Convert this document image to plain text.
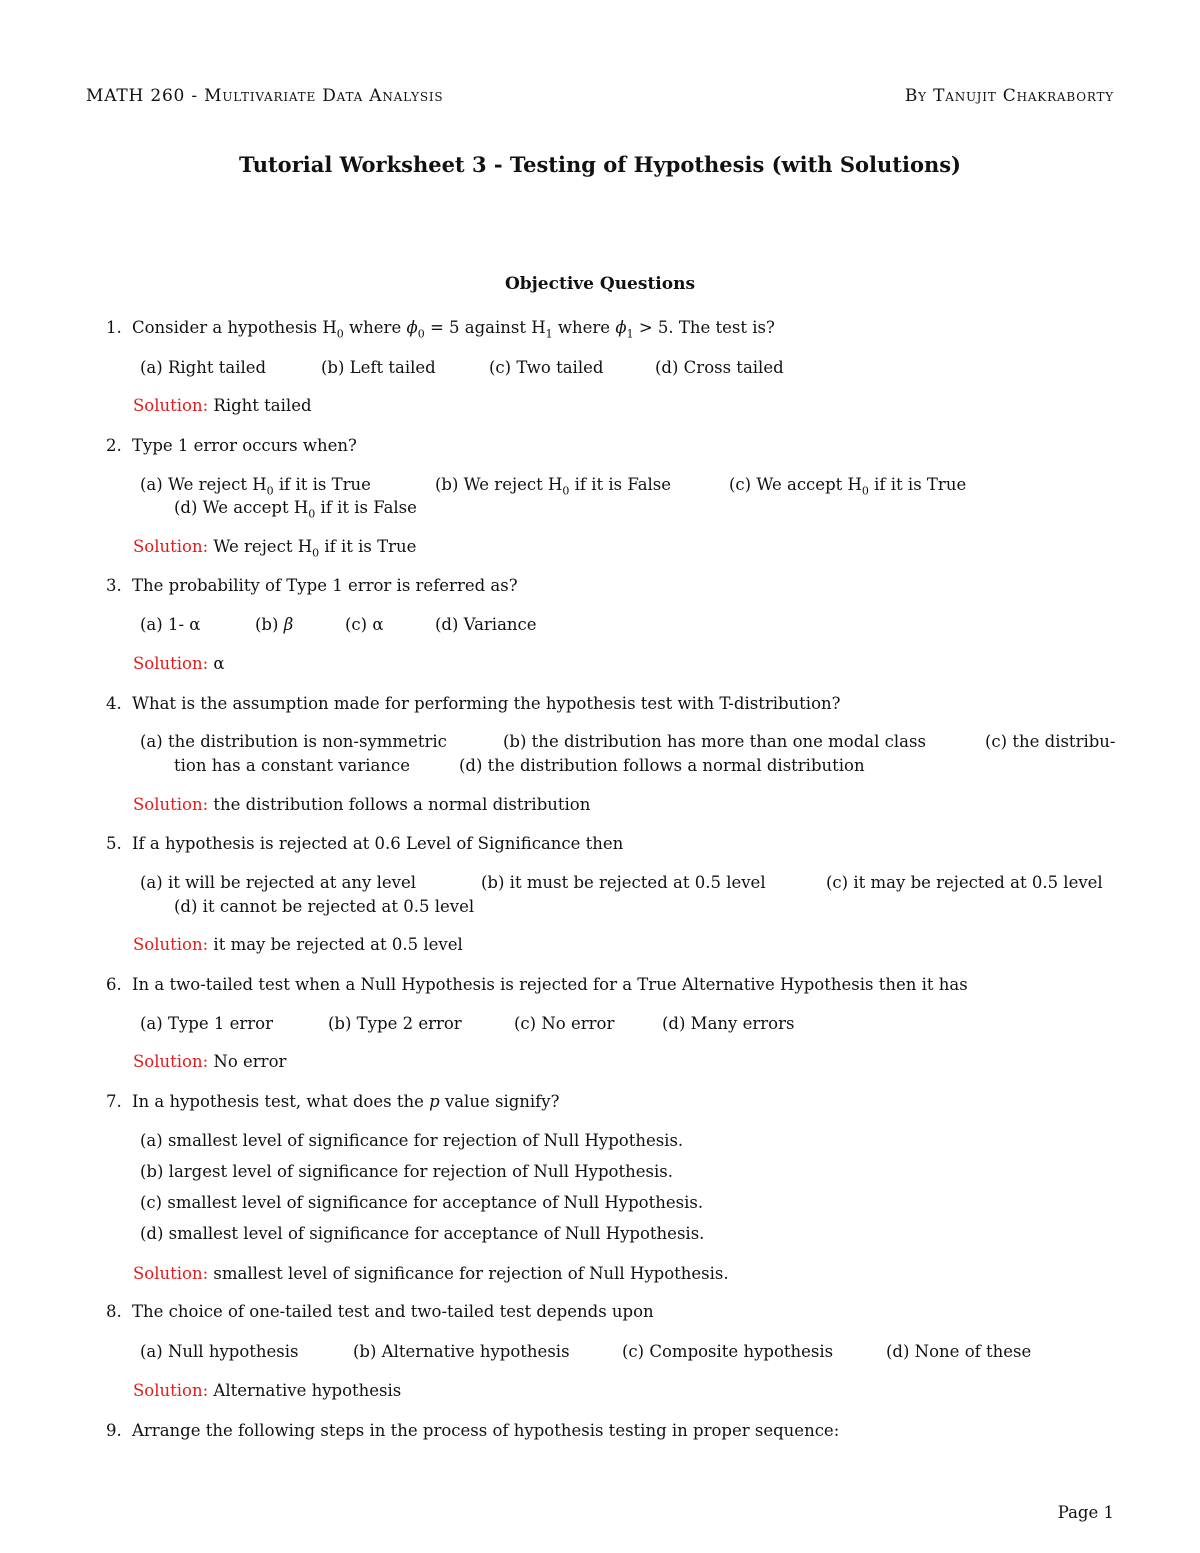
MATH 260 - Multivariate Data Analysis	By Tanujit Chakraborty
Tutorial Worksheet 3 - Testing of Hypothesis (with Solutions)
Objective Questions
1. Consider a hypothesis $H_0$ where $\phi_0 = 5$ against $H_1$ where $\phi_1 > 5$. The test is?
(a) Right tailed	(b) Left tailed	(c) Two tailed	(d) Cross tailed
Solution: Right tailed
2. Type 1 error occurs when?
(a) We reject $H_0$ if it is True	(b) We reject $H_0$ if it is False	(c) We accept $H_0$ if it is True
(d) We accept $H_0$ if it is False
Solution: We reject $H_0$ if it is True
3. The probability of Type 1 error is referred as?
(a) 1- α	(b) β	(c) α	(d) Variance
Solution: α
4. What is the assumption made for performing the hypothesis test with T-distribution?
(a) the distribution is non-symmetric	(b) the distribution has more than one modal class	(c) the distribu-
tion has a constant variance	(d) the distribution follows a normal distribution
Solution: the distribution follows a normal distribution
5. If a hypothesis is rejected at 0.6 Level of Significance then
(a) it will be rejected at any level	(b) it must be rejected at 0.5 level	(c) it may be rejected at 0.5 level
(d) it cannot be rejected at 0.5 level
Solution: it may be rejected at 0.5 level
6. In a two-tailed test when a Null Hypothesis is rejected for a True Alternative Hypothesis then it has
(a) Type 1 error	(b) Type 2 error	(c) No error	(d) Many errors
Solution: No error
7. In a hypothesis test, what does the p value signify?
(a) smallest level of significance for rejection of Null Hypothesis.
(b) largest level of significance for rejection of Null Hypothesis.
(c) smallest level of significance for acceptance of Null Hypothesis.
(d) smallest level of significance for acceptance of Null Hypothesis.
Solution: smallest level of significance for rejection of Null Hypothesis.
8. The choice of one-tailed test and two-tailed test depends upon
(a) Null hypothesis	(b) Alternative hypothesis	(c) Composite hypothesis	(d) None of these
Solution: Alternative hypothesis
9. Arrange the following steps in the process of hypothesis testing in proper sequence:
Page 1
